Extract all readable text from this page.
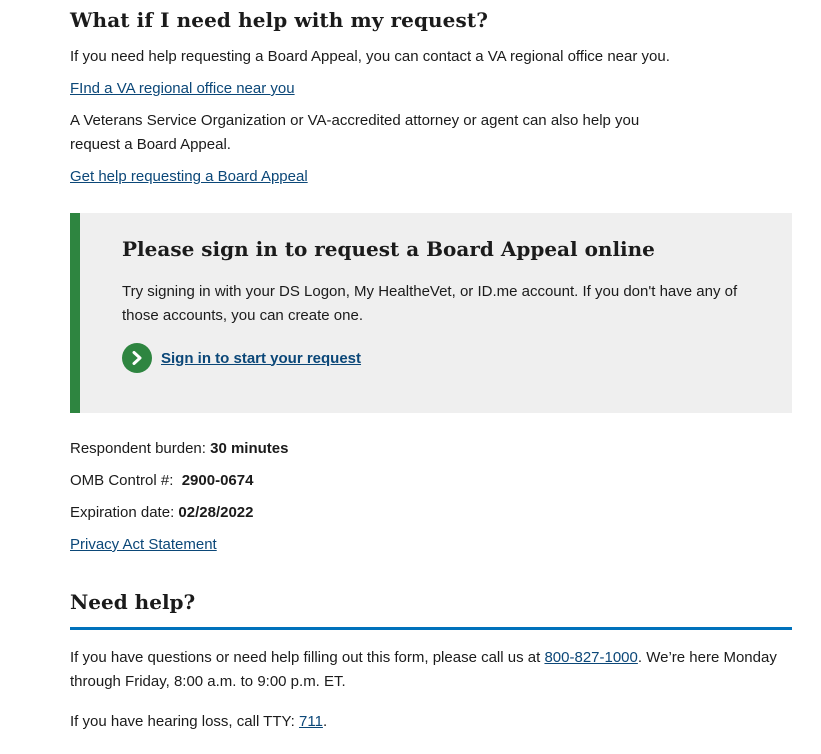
What if I need help with my request?

If you need help requesting a Board Appeal, you can contact a VA regional office near you.

FInd a VA regional office near you

A Veterans Service Organization or VA-accredited attorney or agent can also help you request a Board Appeal.

Get help requesting a Board Appeal

Please sign in to request a Board Appeal online

Try signing in with your DS Logon, My HealtheVet, or ID.me account. If you don't have any of those accounts, you can create one.

Sign in to start your request

Respondent burden: 30 minutes

OMB Control #: 2900-0674

Expiration date: 02/28/2022

Privacy Act Statement

Need help?

If you have questions or need help filling out this form, please call us at 800-827-1000. We’re here Monday through Friday, 8:00 a.m. to 9:00 p.m. ET.

If you have hearing loss, call TTY: 711.
